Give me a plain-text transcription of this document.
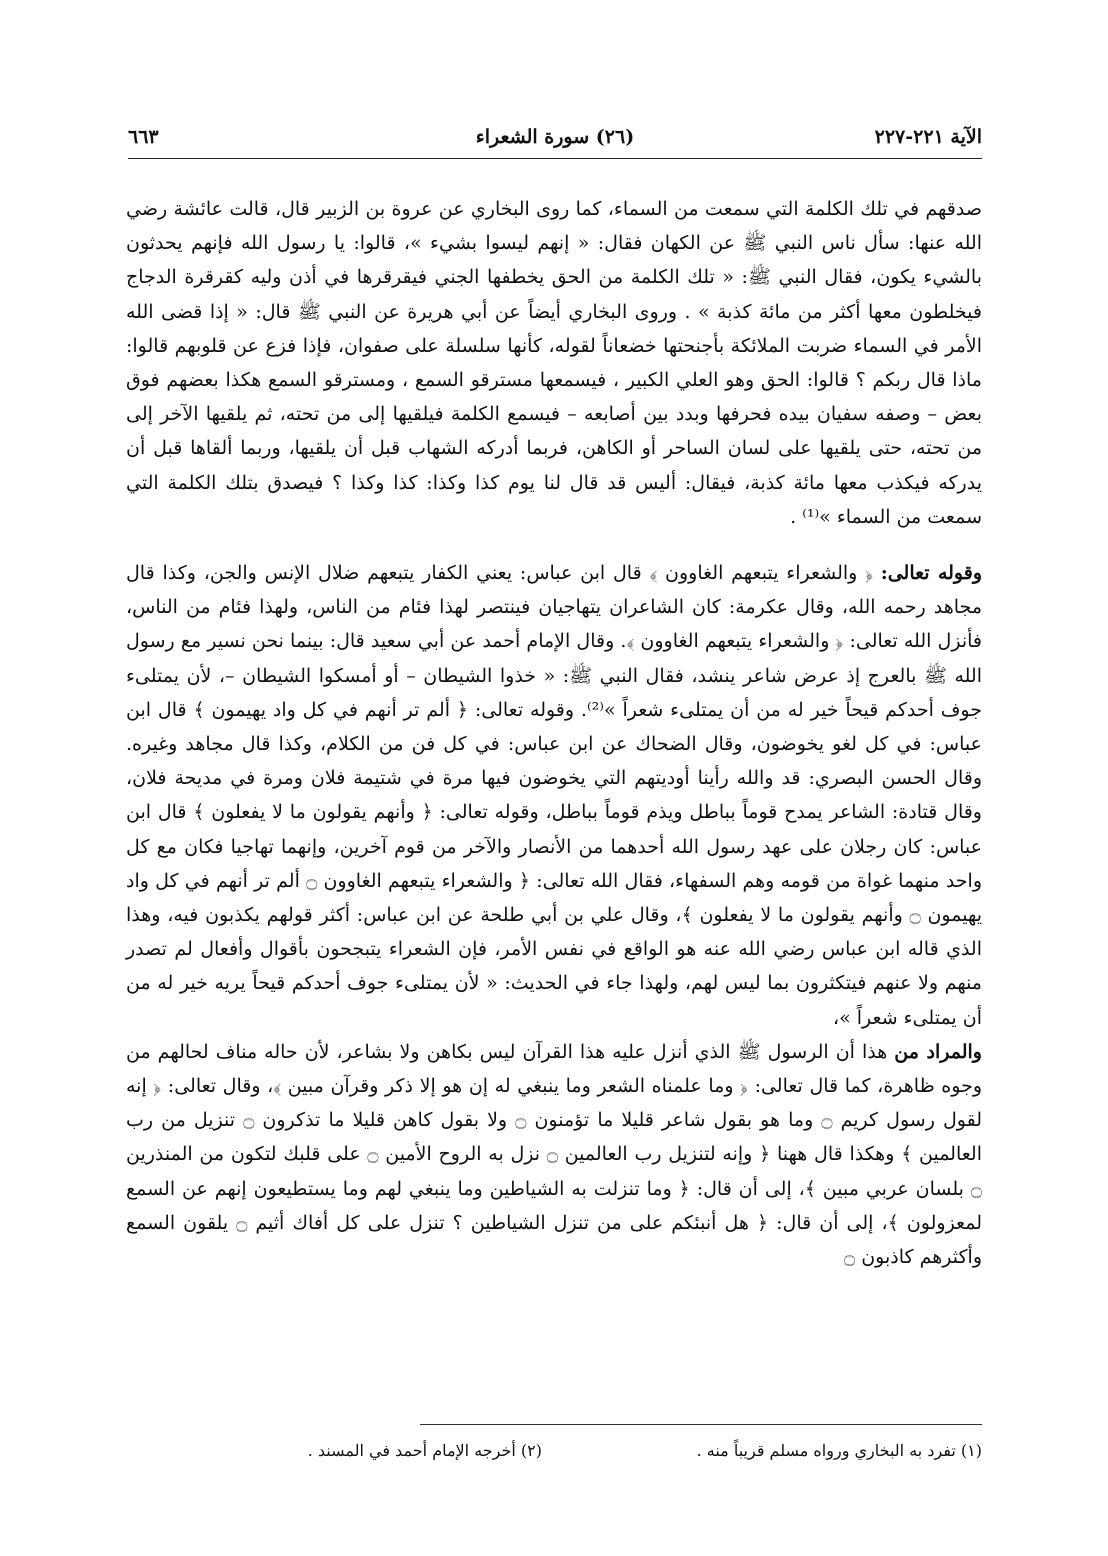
الآية ٢٢١-٢٢٧
(٢٦) سورة الشعراء
٦٦٣

صدقهم في تلك الكلمة التي سمعت من السماء، كما روى البخاري عن عروة بن الزبير قال، قالت عائشة رضي الله عنها: سأل ناس النبي ﷺ عن الكهان فقال: « إنهم ليسوا بشيء »، قالوا: يا رسول الله فإنهم يحدثون بالشيء يكون، فقال النبي ﷺ: « تلك الكلمة من الحق يخطفها الجني فيقرقرها في أذن وليه كقرقرة الدجاج فيخلطون معها أكثر من مائة كذبة » . وروى البخاري أيضاً عن أبي هريرة عن النبي ﷺ قال: « إذا قضى الله الأمر في السماء ضربت الملائكة بأجنحتها خضعاناً لقوله، كأنها سلسلة على صفوان، فإذا فزع عن قلوبهم قالوا: ماذا قال ربكم ؟ قالوا: الحق وهو العلي الكبير ، فيسمعها مسترقو السمع ، ومسترقو السمع هكذا بعضهم فوق بعض – وصفه سفيان بيده فحرفها وبدد بين أصابعه – فيسمع الكلمة فيلقيها إلى من تحته، ثم يلقيها الآخر إلى من تحته، حتى يلقيها على لسان الساحر أو الكاهن، فربما أدركه الشهاب قبل أن يلقيها، وربما ألقاها قبل أن يدركه فيكذب معها مائة كذبة، فيقال: أليس قد قال لنا يوم كذا وكذا: كذا وكذا ؟ فيصدق بتلك الكلمة التي سمعت من السماء »⁽¹⁾ .

وقوله تعالى: ﴿ والشعراء يتبعهم الغاوون ﴾ قال ابن عباس: يعني الكفار يتبعهم ضلال الإنس والجن، وكذا قال مجاهد رحمه الله، وقال عكرمة: كان الشاعران يتهاجيان فينتصر لهذا فئام من الناس، ولهذا فئام من الناس، فأنزل الله تعالى: ﴿ والشعراء يتبعهم الغاوون ﴾. وقال الإمام أحمد عن أبي سعيد قال: بينما نحن نسير مع رسول الله ﷺ بالعرج إذ عرض شاعر ينشد، فقال النبي ﷺ: « خذوا الشيطان – أو أمسكوا الشيطان –، لأن يمتلىء جوف أحدكم قيحاً خير له من أن يمتلىء شعراً »⁽²⁾. وقوله تعالى: ﴿ ألم تر أنهم في كل واد يهيمون ﴾ قال ابن عباس: في كل لغو يخوضون، وقال الضحاك عن ابن عباس: في كل فن من الكلام، وكذا قال مجاهد وغيره. وقال الحسن البصري: قد والله رأينا أوديتهم التي يخوضون فيها مرة في شتيمة فلان ومرة في مديحة فلان، وقال قتادة: الشاعر يمدح قوماً بباطل ويذم قوماً بباطل، وقوله تعالى: ﴿ وأنهم يقولون ما لا يفعلون ﴾ قال ابن عباس: كان رجلان على عهد رسول الله أحدهما من الأنصار والآخر من قوم آخرين، وإنهما تهاجيا فكان مع كل واحد منهما غواة من قومه وهم السفهاء، فقال الله تعالى: ﴿ والشعراء يتبعهم الغاوون ۝ ألم تر أنهم في كل واد يهيمون ۝ وأنهم يقولون ما لا يفعلون ﴾، وقال علي بن أبي طلحة عن ابن عباس: أكثر قولهم يكذبون فيه، وهذا الذي قاله ابن عباس رضي الله عنه هو الواقع في نفس الأمر، فإن الشعراء يتبجحون بأقوال وأفعال لم تصدر منهم ولا عنهم فيتكثرون بما ليس لهم، ولهذا جاء في الحديث: « لأن يمتلىء جوف أحدكم قيحاً يريه خير له من أن يمتلىء شعراً »،

والمراد من هذا أن الرسول ﷺ الذي أنزل عليه هذا القرآن ليس بكاهن ولا بشاعر، لأن حاله مناف لحالهم من وجوه ظاهرة، كما قال تعالى: ﴿ وما علمناه الشعر وما ينبغي له إن هو إلا ذكر وقرآن مبين ﴾، وقال تعالى: ﴿ إنه لقول رسول كريم ۝ وما هو بقول شاعر قليلا ما تؤمنون ۝ ولا بقول كاهن قليلا ما تذكرون ۝ تنزيل من رب العالمين ﴾ وهكذا قال ههنا ﴿ وإنه لتنزيل رب العالمين ۝ نزل به الروح الأمين ۝ على قلبك لتكون من المنذرين ۝ بلسان عربي مبين ﴾، إلى أن قال: ﴿ وما تنزلت به الشياطين وما ينبغي لهم وما يستطيعون إنهم عن السمع لمعزولون ﴾، إلى أن قال: ﴿ هل أنبئكم على من تنزل الشياطين ؟ تنزل على كل أفاك أثيم ۝ يلقون السمع وأكثرهم كاذبون ۝

(١) تفرد به البخاري ورواه مسلم قريباً منه .
(٢) أخرجه الإمام أحمد في المسند .
